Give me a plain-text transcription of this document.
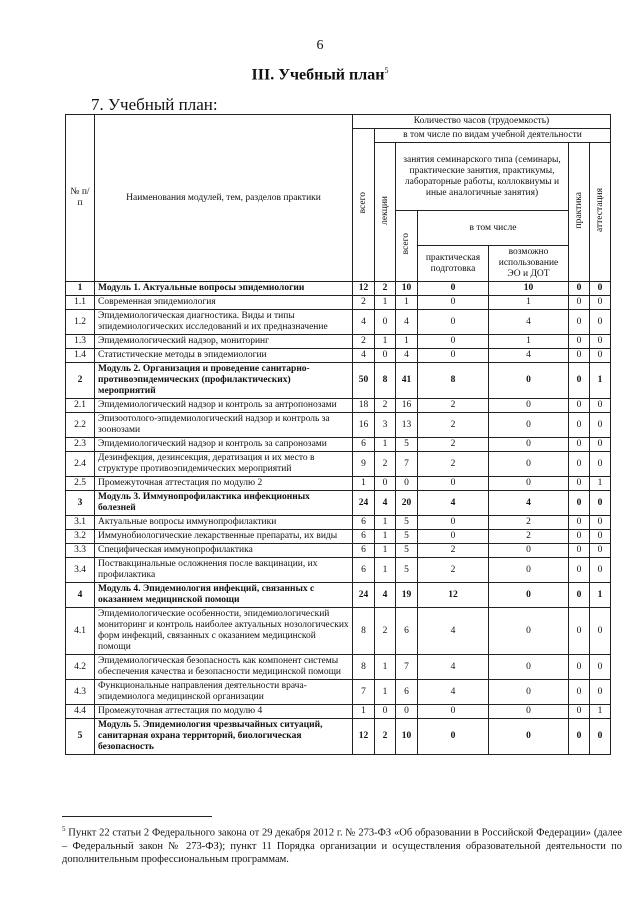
6
III. Учебный план$^5$
7. Учебный план:
№ п/п	Наименования модулей, тем, разделов практики	Количество часов (трудоемкость)						
		всего	в том числе по видам учебной деятельности					
			лекции	занятия семинарского типа (семинары, практические занятия, практикумы, лабораторные работы, коллоквиумы и иные аналогичные занятия)			практика	аттестация
				всего	в том числе			
					практическая подготовка	возможно использование ЭО и ДОТ		
1	Модуль 1. Актуальные вопросы эпидемиологии	12	2	10	0	10	0	0
1.1	Современная эпидемиология	2	1	1	0	1	0	0
1.2	Эпидемиологическая диагностика. Виды и типы эпидемиологических исследований и их предназначение	4	0	4	0	4	0	0
1.3	Эпидемиологический надзор, мониторинг	2	1	1	0	1	0	0
1.4	Статистические методы в эпидемиологии	4	0	4	0	4	0	0
2	Модуль 2. Организация и проведение санитарно-противоэпидемических (профилактических) мероприятий	50	8	41	8	0	0	1
2.1	Эпидемиологический надзор и контроль за антропонозами	18	2	16	2	0	0	0
2.2	Эпизоотолого-эпидемиологический надзор и контроль за зоонозами	16	3	13	2	0	0	0
2.3	Эпидемиологический надзор и контроль за сапронозами	6	1	5	2	0	0	0
2.4	Дезинфекция, дезинсекция, дератизация и их место в структуре противоэпидемических мероприятий	9	2	7	2	0	0	0
2.5	Промежуточная аттестация по модулю 2	1	0	0	0	0	0	1
3	Модуль 3. Иммунопрофилактика инфекционных болезней	24	4	20	4	4	0	0
3.1	Актуальные вопросы иммунопрофилактики	6	1	5	0	2	0	0
3.2	Иммунобиологические лекарственные препараты, их виды	6	1	5	0	2	0	0
3.3	Специфическая иммунопрофилактика	6	1	5	2	0	0	0
3.4	Поствакцинальные осложнения после вакцинации, их профилактика	6	1	5	2	0	0	0
4	Модуль 4. Эпидемиология инфекций, связанных с оказанием медицинской помощи	24	4	19	12	0	0	1
4.1	Эпидемиологические особенности, эпидемиологический мониторинг и контроль наиболее актуальных нозологических форм инфекций, связанных с оказанием медицинской помощи	8	2	6	4	0	0	0
4.2	Эпидемиологическая безопасность как компонент системы обеспечения качества и безопасности медицинской помощи	8	1	7	4	0	0	0
4.3	Функциональные направления деятельности врача-эпидемиолога медицинской организации	7	1	6	4	0	0	0
4.4	Промежуточная аттестация по модулю 4	1	0	0	0	0	0	1
5	Модуль 5. Эпидемиология чрезвычайных ситуаций, санитарная охрана территорий, биологическая безопасность	12	2	10	0	0	0	0
$^5$ Пункт 22 статьи 2 Федерального закона от 29 декабря 2012 г. № 273-ФЗ «Об образовании в Российской Федерации» (далее – Федеральный закон № 273-ФЗ); пункт 11 Порядка организации и осуществления образовательной деятельности по дополнительным профессиональным программам.
